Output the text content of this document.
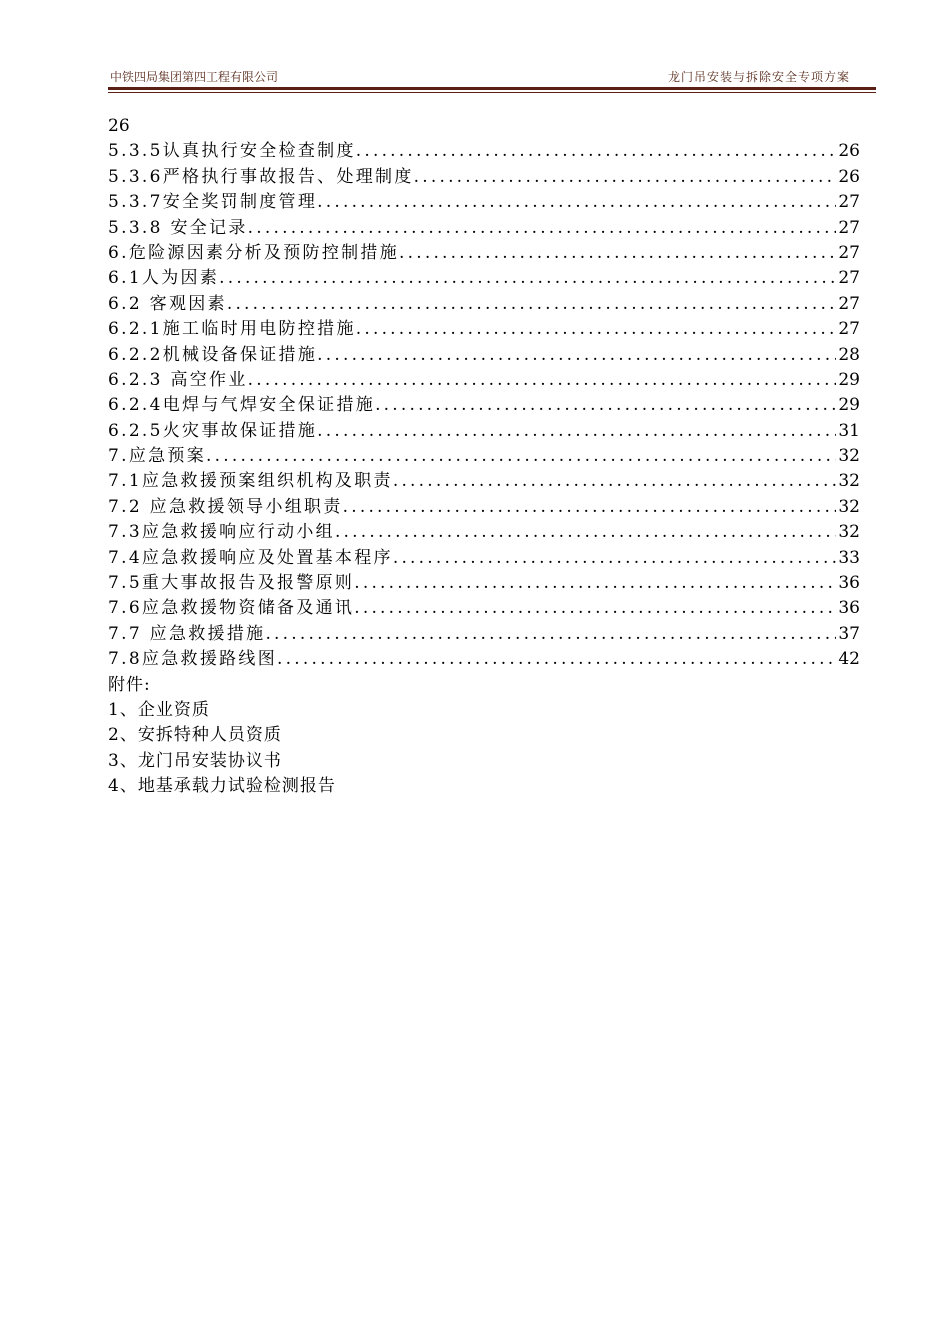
中铁四局集团第四工程有限公司	龙门吊安装与拆除安全专项方案
26
5.3.5认真执行安全检查制度 .....	26
5.3.6严格执行事故报告、处理制度 .....	26
5.3.7安全奖罚制度管理 .....	27
5.3.8 安全记录 .....	27
6.危险源因素分析及预防控制措施 .....	27
6.1人为因素 .....	27
6.2 客观因素 .....	27
6.2.1施工临时用电防控措施 .....	27
6.2.2机械设备保证措施 .....	28
6.2.3 高空作业 .....	29
6.2.4电焊与气焊安全保证措施 .....	29
6.2.5火灾事故保证措施 .....	31
7.应急预案 .....	32
7.1应急救援预案组织机构及职责 .....	32
7.2 应急救援领导小组职责 .....	32
7.3应急救援响应行动小组 .....	32
7.4应急救援响应及处置基本程序 .....	33
7.5重大事故报告及报警原则 .....	36
7.6应急救援物资储备及通讯 .....	36
7.7 应急救援措施 .....	37
7.8应急救援路线图 .....	42
附件:
1、企业资质
2、安拆特种人员资质
3、龙门吊安装协议书
4、地基承载力试验检测报告
